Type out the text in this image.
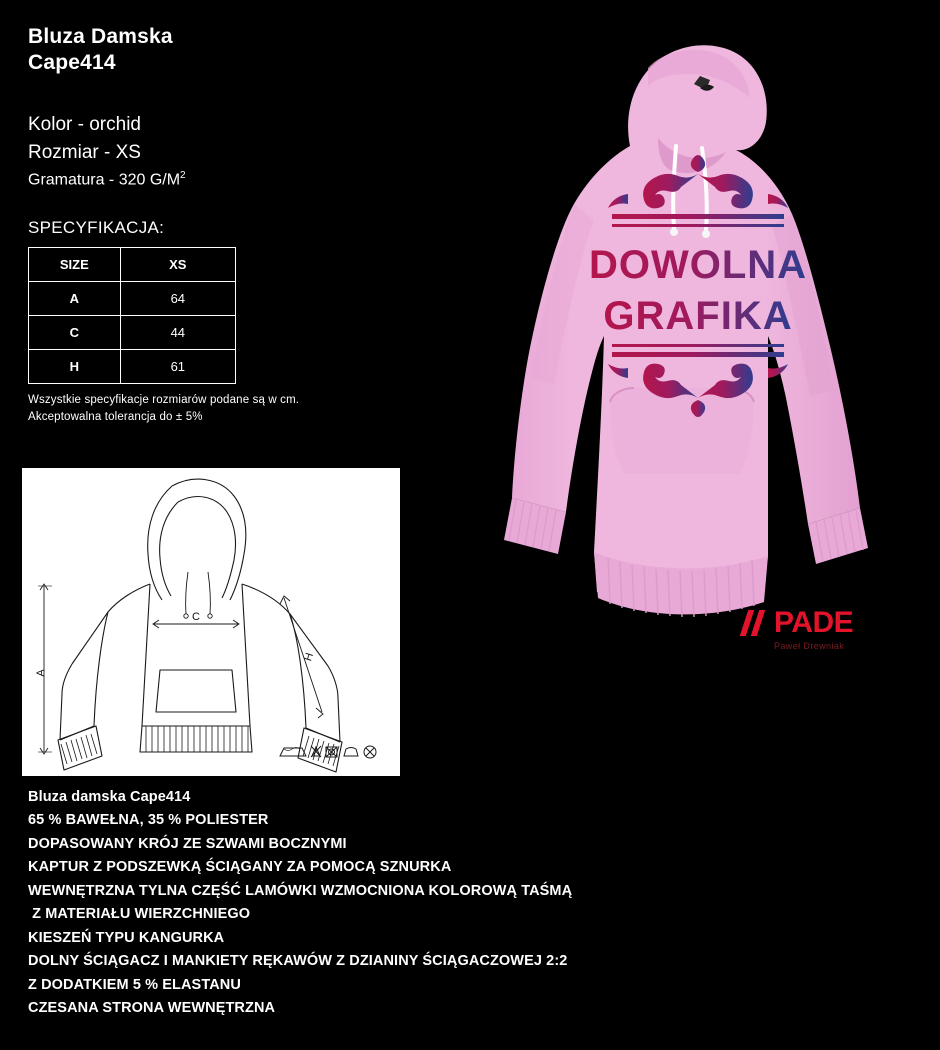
Bluza Damska
Cape414
Kolor - orchid
Rozmiar - XS
Gramatura - 320 $G/M^2$
SPECYFIKACJA:
SIZE	XS
A	64
C	44
H	61
Wszystkie specyfikacje rozmiarów podane są w cm.
Akceptowalna tolerancja do ± 5%
A
C
H
Bluza damska Cape414
65 % BAWEŁNA, 35 % POLIESTER
DOPASOWANY KRÓJ ZE SZWAMI BOCZNYMI
KAPTUR Z PODSZEWKĄ ŚCIĄGANY ZA POMOCĄ SZNURKA
WEWNĘTRZNA TYLNA CZĘŚĆ LAMÓWKI WZMOCNIONA KOLOROWĄ TAŚMĄ
Z MATERIAŁU WIERZCHNIEGO
KIESZEŃ TYPU KANGURKA
DOLNY ŚCIĄGACZ I MANKIETY RĘKAWÓW Z DZIANINY ŚCIĄGACZOWEJ 2:2
Z DODATKIEM 5 % ELASTANU
CZESANA STRONA WEWNĘTRZNA
DOWOLNA
GRAFIKA
PADE
Paweł Drewniak
